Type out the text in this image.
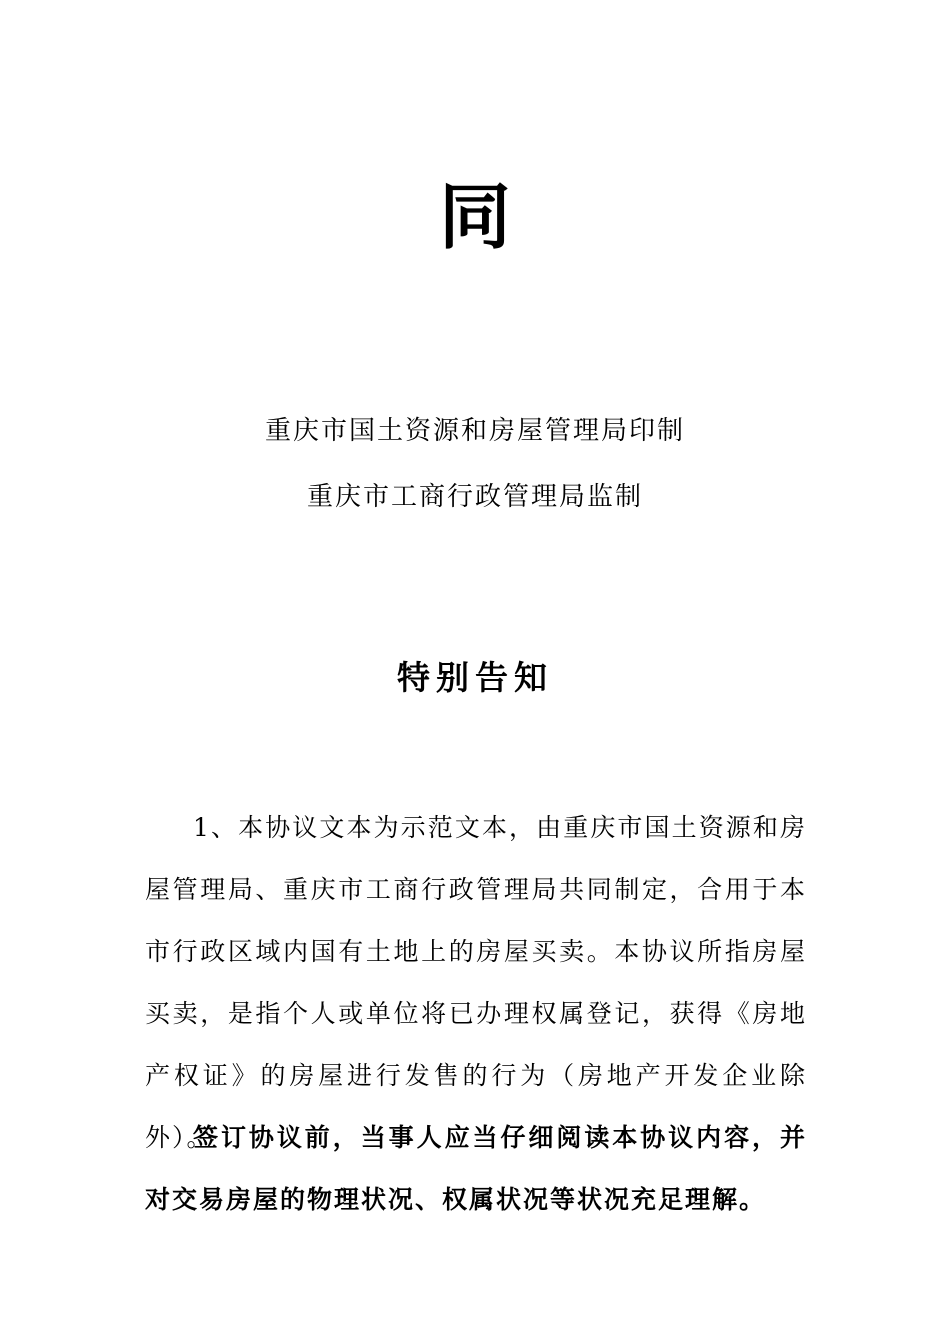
同
重庆市国土资源和房屋管理局印制
重庆市工商行政管理局监制
特别告知

1、本协议文本为示范文本，由重庆市国土资源和房屋管理局、重庆市工商行政管理局共同制定，合用于本市行政区域内国有土地上的房屋买卖。本协议所指房屋买卖，是指个人或单位将已办理权属登记，获得《房地产权证》的房屋进行发售的行为（房地产开发企业除外）。

签订协议前，当事人应当仔细阅读本协议内容，并对交易房屋的物理状况、权属状况等状况充足理解。
